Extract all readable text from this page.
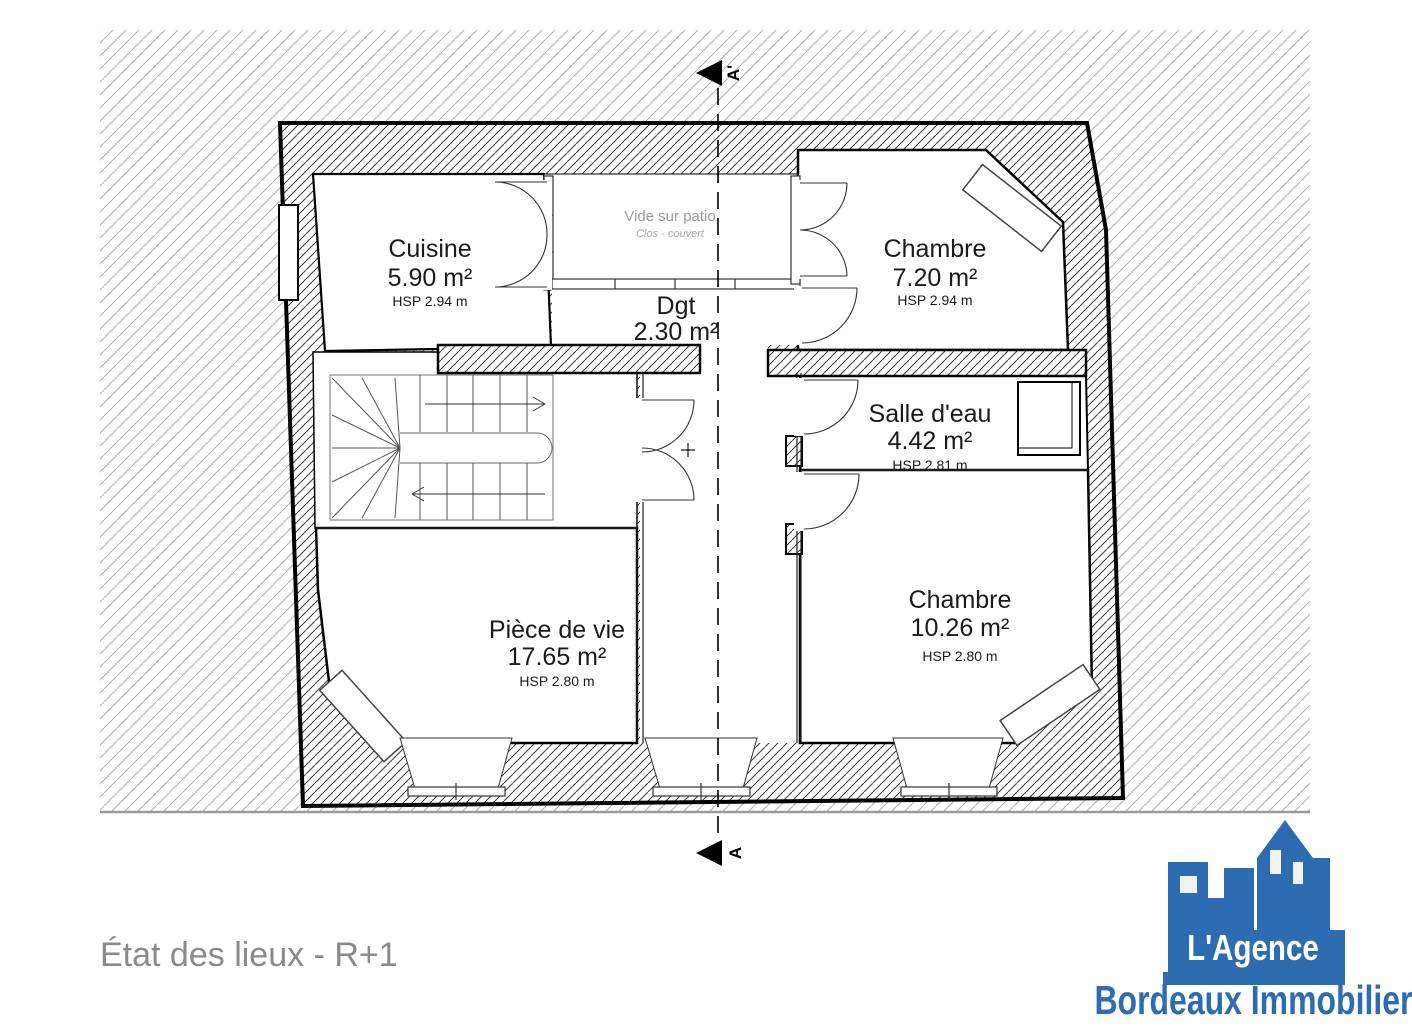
A'
A
Cuisine
5.90 m²
HSP 2.94 m
Chambre
7.20 m²
HSP 2.94 m
Dgt
2.30 m²
Salle d'eau
4.42 m²
HSP 2.81 m
Pièce de vie
17.65 m²
HSP 2.80 m
Chambre
10.26 m²
HSP 2.80 m
Vide sur patio
Clos - couvert
État des lieux - R+1	L'Agence
Bordeaux Immobilier
